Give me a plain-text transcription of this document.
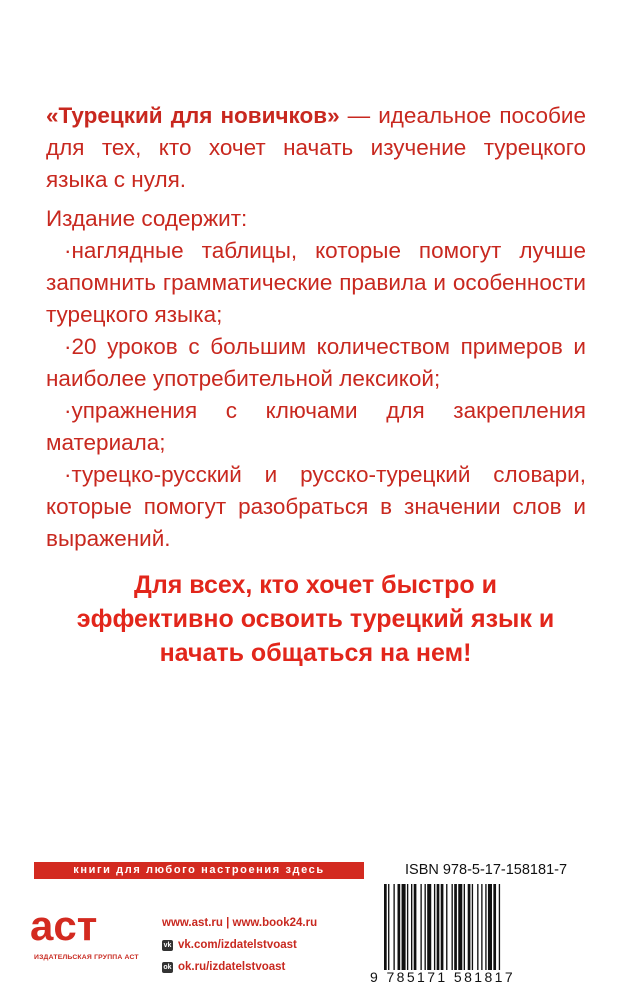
«Турецкий для новичков» — идеальное пособие для тех, кто хочет начать изучение турецкого языка с нуля.
Издание содержит:
·наглядные таблицы, которые помогут лучше запомнить грамматические правила и особенности турецкого языка;
·20 уроков с большим количеством примеров и наиболее употребительной лексикой;
·упражнения с ключами для закрепления материала;
·турецко-русский и русско-турецкий словари, которые помогут разобраться в значении слов и выражений.
Для всех, кто хочет быстро и
эффективно освоить турецкий язык и
начать общаться на нем!
книги для любого настроения здесь
аст
ИЗДАТЕЛЬСКАЯ ГРУППА АСТ
www.ast.ru | www.book24.ru
vk vk.com/izdatelstvoast
ok ok.ru/izdatelstvoast
ISBN 978-5-17-158181-7
9 785171 581817
